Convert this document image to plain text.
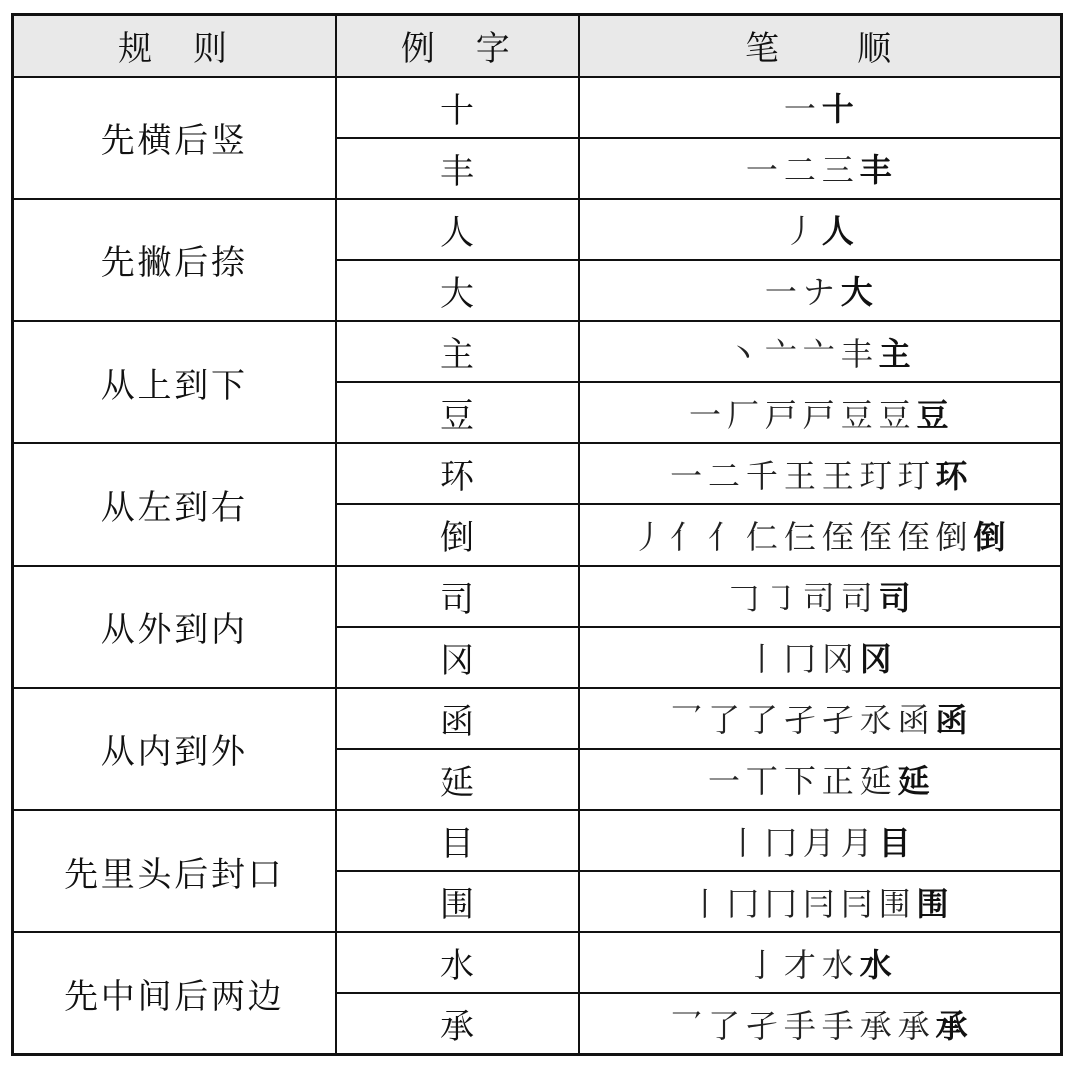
规　则	例　字	笔　　顺
先横后竖	十	一 十
	丰	一 二 三 丰
先撇后捺	人	丿 人
	大	一 ナ 大
从上到下	主	丶 亠 亠 丰 主
	豆	一 厂 戸 戸 豆 豆 豆
从左到右	环	一 二 千 王 王 玎 玎 环
	倒	丿 亻 亻 仁 仨 侄 侄 侄 倒 倒
从外到内	司	𠃌 ㇆ 司 司 司
	冈	丨 冂 冈 冈
从内到外	函	乛 了 了 孑 孑 氶 函 函
	延	一 丅 下 正 延 延
先里头后封口	目	丨 冂 月 月 目
	围	丨 冂 冂 冃 冃 围 围
先中间后两边	水	亅 才 水 水
	承	乛 了 孑 手 手 承 承 承
